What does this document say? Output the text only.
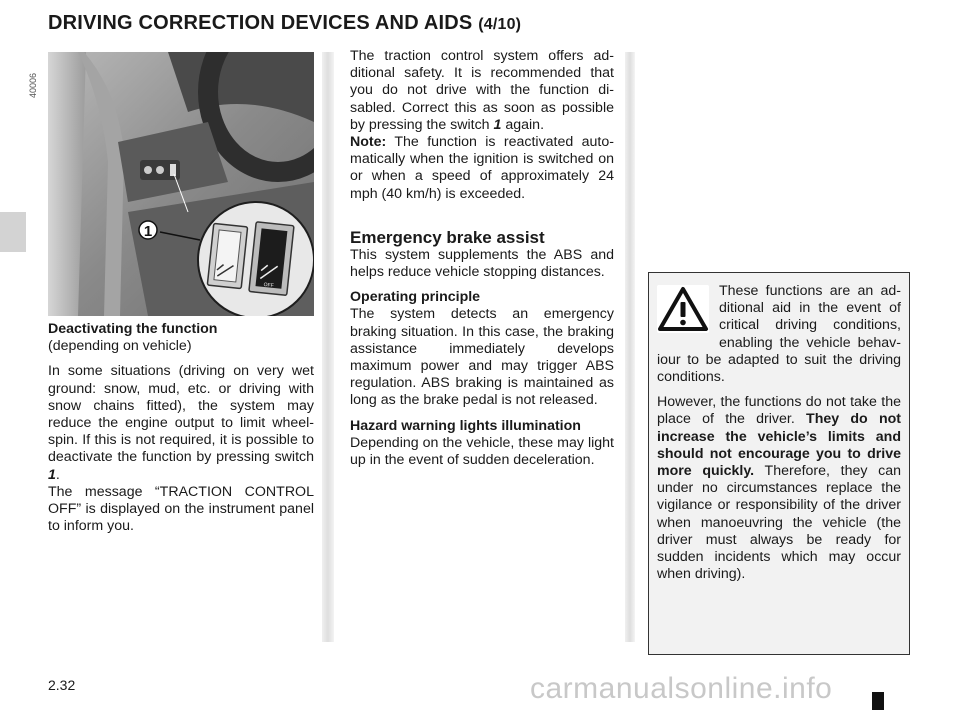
DRIVING CORRECTION DEVICES AND AIDS (4/10)
40006
OFF
1

Deactivating the function

(depending on vehicle)

In some situations (driving on very wet ground: snow, mud, etc. or driving with snow chains fitted), the system may reduce the engine output to limit wheelspin. If this is not required, it is possible to deactivate the function by pressing switch 1.

The message “TRACTION CONTROL OFF” is displayed on the instrument panel to inform you.

The traction control system offers additional safety. It is recommended that you do not drive with the function disabled. Correct this as soon as possible by pressing the switch 1 again.

Note: The function is reactivated automatically when the ignition is switched on or when a speed of approximately 24 mph (40 km/h) is exceeded.

Emergency brake assist

This system supplements the ABS and helps reduce vehicle stopping distances.

Operating principle

The system detects an emergency braking situation. In this case, the braking assistance immediately develops maximum power and may trigger ABS regulation. ABS braking is maintained as long as the brake pedal is not released.

Hazard warning lights illumination

Depending on the vehicle, these may light up in the event of sudden deceleration.

These functions are an additional aid in the event of critical driving conditions, enabling the vehicle behaviour to be adapted to suit the driving conditions.

However, the functions do not take the place of the driver. They do not increase the vehicle’s limits and should not encourage you to drive more quickly. Therefore, they can under no circumstances replace the vigilance or responsibility of the driver when manoeuvring the vehicle (the driver must always be ready for sudden incidents which may occur when driving).

2.32	carmanualsonline.info
